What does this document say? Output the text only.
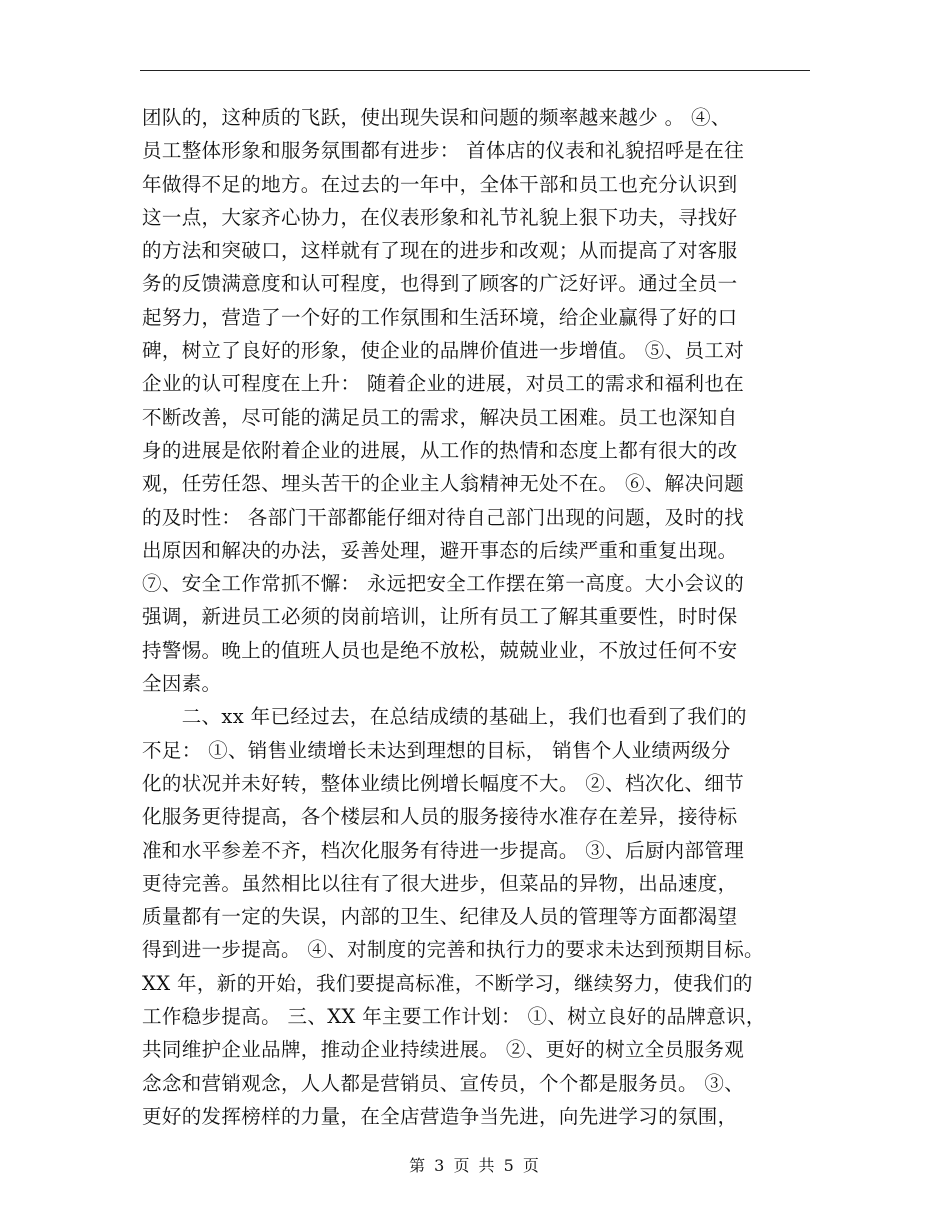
团队的，这种质的飞跃，使出现失误和问题的频率越来越少 。 ④、
员工整体形象和服务氛围都有进步： 首体店的仪表和礼貌招呼是在往
年做得不足的地方。在过去的一年中，全体干部和员工也充分认识到
这一点，大家齐心协力，在仪表形象和礼节礼貌上狠下功夫，寻找好
的方法和突破口，这样就有了现在的进步和改观；从而提高了对客服
务的反馈满意度和认可程度，也得到了顾客的广泛好评。通过全员一
起努力，营造了一个好的工作氛围和生活环境，给企业赢得了好的口
碑，树立了良好的形象，使企业的品牌价值进一步增值。 ⑤、员工对
企业的认可程度在上升： 随着企业的进展，对员工的需求和福利也在
不断改善，尽可能的满足员工的需求，解决员工困难。员工也深知自
身的进展是依附着企业的进展，从工作的热情和态度上都有很大的改
观，任劳任怨、埋头苦干的企业主人翁精神无处不在。 ⑥、解决问题
的及时性： 各部门干部都能仔细对待自己部门出现的问题，及时的找
出原因和解决的办法，妥善处理，避开事态的后续严重和重复出现。
⑦、安全工作常抓不懈： 永远把安全工作摆在第一高度。大小会议的
强调，新进员工必须的岗前培训，让所有员工了解其重要性，时时保
持警惕。晚上的值班人员也是绝不放松，兢兢业业，不放过任何不安
全因素。
　　二、xx 年已经过去，在总结成绩的基础上，我们也看到了我们的
不足： ①、销售业绩增长未达到理想的目标， 销售个人业绩两级分
化的状况并未好转，整体业绩比例增长幅度不大。 ②、档次化、细节
化服务更待提高，各个楼层和人员的服务接待水准存在差异，接待标
准和水平参差不齐，档次化服务有待进一步提高。 ③、后厨内部管理
更待完善。虽然相比以往有了很大进步，但菜品的异物，出品速度，
质量都有一定的失误，内部的卫生、纪律及人员的管理等方面都渴望
得到进一步提高。 ④、对制度的完善和执行力的要求未达到预期目标。
XX 年，新的开始，我们要提高标准，不断学习，继续努力，使我们的
工作稳步提高。 三、XX 年主要工作计划： ①、树立良好的品牌意识，
共同维护企业品牌，推动企业持续进展。 ②、更好的树立全员服务观
念念和营销观念，人人都是营销员、宣传员，个个都是服务员。 ③、
更好的发挥榜样的力量，在全店营造争当先进，向先进学习的氛围，
第 3 页 共 5 页
